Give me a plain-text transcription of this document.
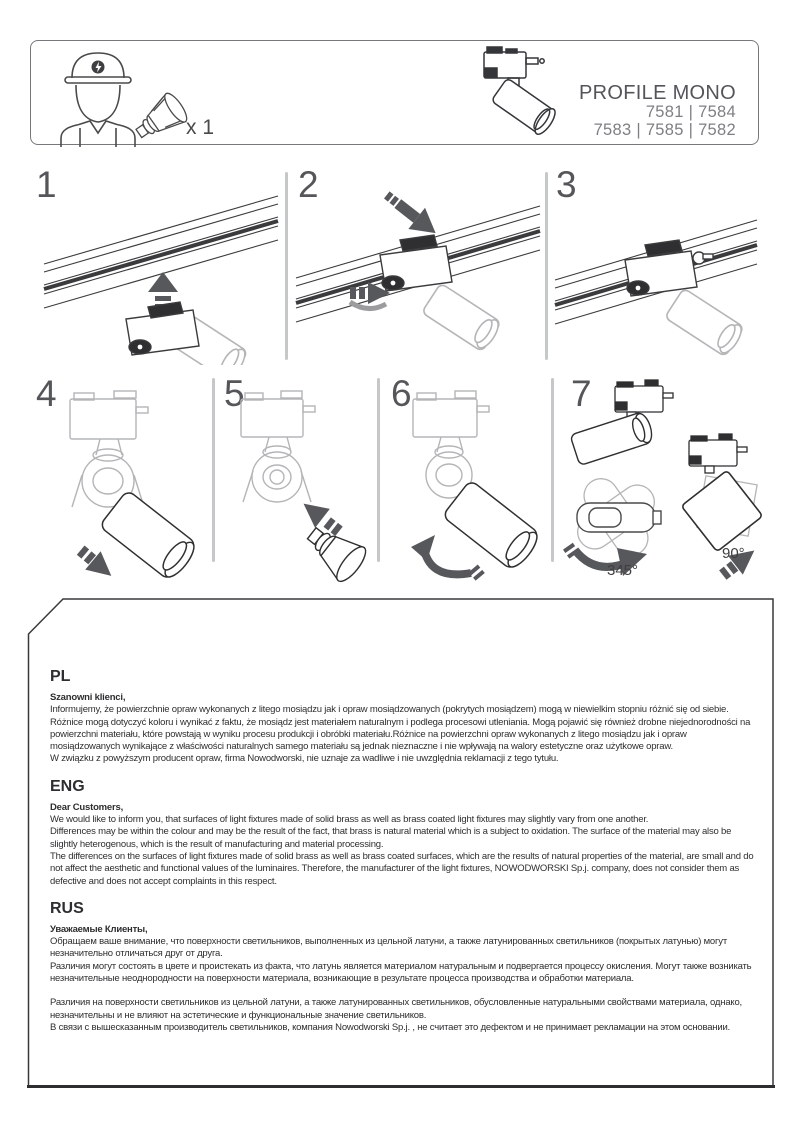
x 1
PROFILE MONO
7581 | 7584
7583 | 7585 | 7582
1	2	3
4	5	6	7
345°
90°
PL

Szanowni klienci,

Informujemy, że powierzchnie opraw wykonanych z litego mosiądzu jak i opraw mosiądzowanych (pokrytych mosiądzem) mogą w niewielkim stopniu różnić się od siebie.

Różnice mogą dotyczyć koloru i wynikać z faktu, że mosiądz jest materiałem naturalnym i podlega procesowi utleniania. Mogą pojawić się również drobne niejednorodności na powierzchni materiału, które powstają w wyniku procesu produkcji i obróbki materiału.Różnice na powierzchni opraw wykonanych z litego mosiądzu jak i opraw mosiądzowanych wynikające z właściwości naturalnych samego materiału są jednak nieznaczne i nie wpływają na walory estetyczne oraz użytkowe opraw.

W związku z powyższym producent opraw, firma Nowodworski, nie uznaje za wadliwe i nie uwzględnia reklamacji z tego tytułu.

ENG

Dear Customers,

We would like to inform you, that surfaces of light fixtures made of solid brass as well as brass coated light fixtures may slightly vary from one another.

Differences may be within the colour and may be the result of the fact, that brass is natural material which is a subject to oxidation. The surface of the material may also be slightly heterogenous, which is the result of manufacturing and material processing.

The differences on the surfaces of light fixtures made of solid brass as well as brass coated surfaces, which are the results of natural properties of the material, are small and do not affect the aesthetic and functional values of the luminaires. Therefore, the manufacturer of the light fixtures, NOWODWORSKI Sp.j. company, does not consider them as defective and does not accept complaints in this respect.

RUS

Уважаемые Клиенты,

Обращаем ваше внимание, что поверхности светильников, выполненных из цельной латуни, а также латунированных светильников (покрытых латунью) могут незначительно отличаться друг от друга.

Различия могут состоять в цвете и проистекать из факта, что латунь является материалом натуральным и подвергается процессу окисления. Могут также возникать незначительные неоднородности на поверхности материала, возникающие в результате процесса производства и обработки материала.

Различия на поверхности светильников из цельной латуни, а также латунированных светильников, обусловленные натуральными свойствами материала, однако, незначительны и не влияют на эстетические и функциональные значение светильников.

В связи с вышесказанным производитель светильников, компания Nowodworski Sp.j. , не считает это дефектом и не принимает рекламации на этом основании.
